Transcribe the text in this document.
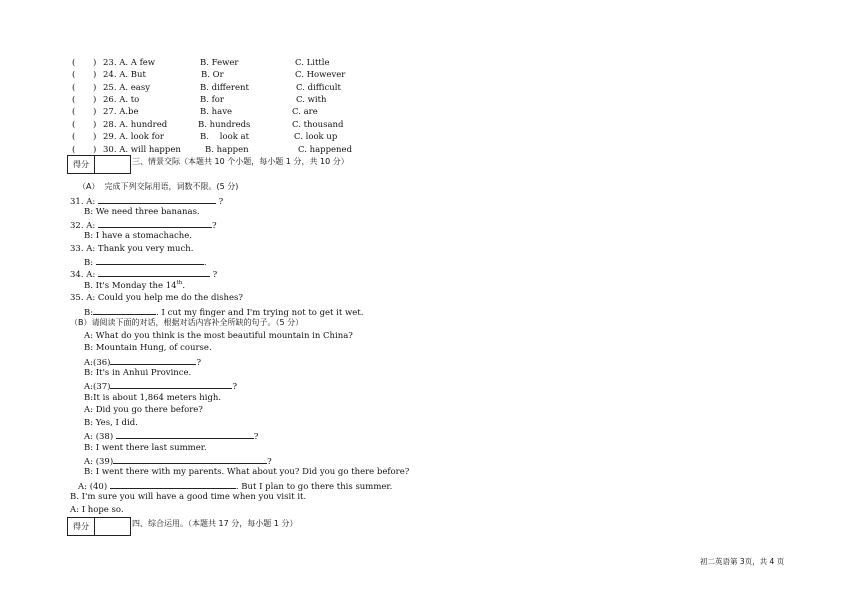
( ) 23. A. A few	B. Fewer	C. Little
( ) 24. A. But	B. Or	C. However
( ) 25. A. easy	B. different	C. difficult
( ) 26. A. to	B. for	C. with
( ) 27. A.be	B. have	C. are
( ) 28. A. hundred	B. hundreds	C. thousand
( ) 29. A. look for	B.    look at	C. look up
( ) 30. A. will happen	B. happen	C. happened
得分	三、情景交际（本题共 10 个小题，每小题 1 分，共 10 分）
（A）  完成下列交际用语，词数不限。(5 分)
31. A:	?
B: We need three bananas.
32. A:	?
B: I have a stomachache.
33. A: Thank you very much.
B:	.
34. A:	?
B. It's Monday the 14th.
35. A: Could you help me do the dishes?
B:	. I cut my finger and I'm trying not to get it wet.
（B）请阅读下面的对话，根据对话内容补全所缺的句子。（5 分）
A: What do you think is the most beautiful mountain in China?
B: Mountain Hung, of course.
A:(36)	?
B: It's in Anhui Province.
A:(37)	?
B:It is about 1,864 meters high.
A: Did you go there before?
B: Yes, I did.
A: (38)	?
B: I went there last summer.
A: (39)	?
B: I went there with my parents. What about you? Did you go there before?
A: (40)	. But I plan to go there this summer.
B. I'm sure you will have a good time when you visit it.
A: I hope so.
得分	四、综合运用。（本题共 17 分，每小题 1 分）
初二英语第 3页，共 4 页
